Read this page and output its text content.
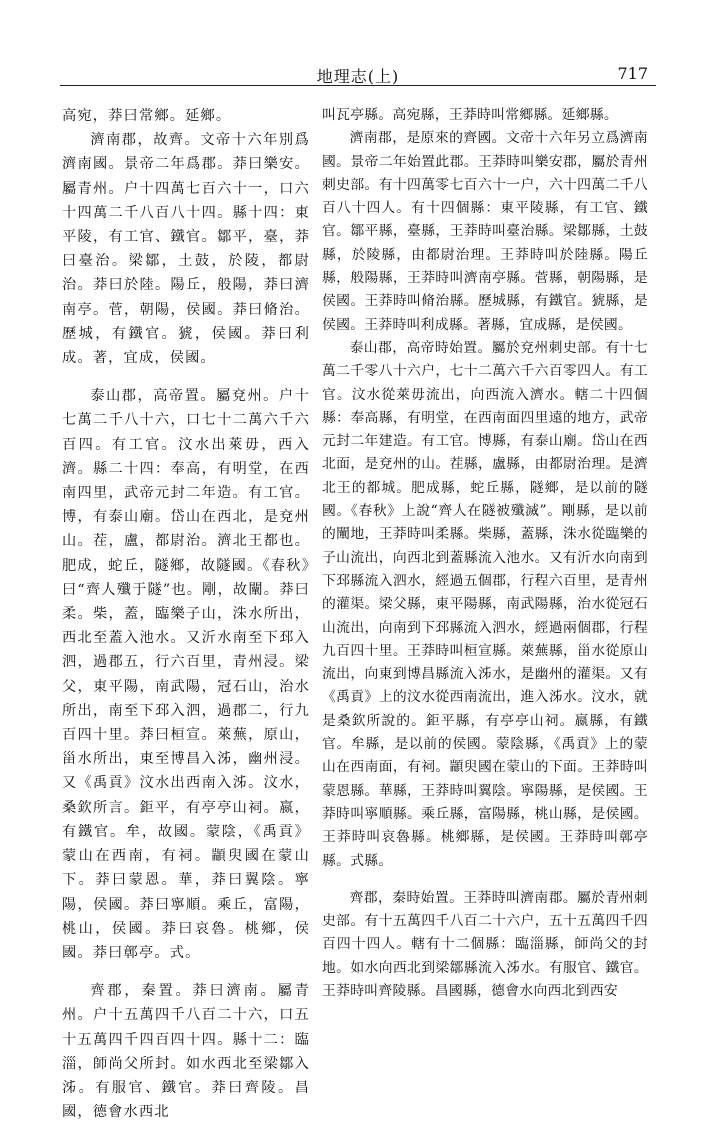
地理志(上)	717

高宛，莽曰常鄉。延鄉。

濟南郡，故齊。文帝十六年別爲濟南國。景帝二年爲郡。莽曰樂安。屬青州。户十四萬七百六十一，口六十四萬二千八百八十四。縣十四：東平陵，有工官、鐵官。鄒平，臺，莽曰臺治。梁鄒，土鼓，於陵，都尉治。莽曰於陸。陽丘，般陽，莽曰濟南亭。菅，朝陽，侯國。莽曰脩治。歷城，有鐵官。猇，侯國。莽曰利成。著，宜成，侯國。

泰山郡，高帝置。屬兗州。户十七萬二千八十六，口七十二萬六千六百四。有工官。汶水出萊毋，西入濟。縣二十四：奉高，有明堂，在西南四里，武帝元封二年造。有工官。博，有泰山廟。岱山在西北，是兗州山。茬，盧，都尉治。濟北王都也。肥成，蛇丘，隧鄉，故隧國。《春秋》曰“齊人殲于隧”也。剛，故闡。莽曰柔。柴，蓋，臨樂子山，洙水所出，西北至蓋入池水。又沂水南至下邳入泗，過郡五，行六百里，青州浸。梁父，東平陽，南武陽，冠石山，治水所出，南至下邳入泗，過郡二，行九百四十里。莽曰桓宣。萊蕪，原山，甾水所出，東至博昌入泲，幽州浸。又《禹貢》汶水出西南入泲。汶水，桑欽所言。鉅平，有亭亭山祠。嬴，有鐵官。牟，故國。蒙陰，《禹貢》蒙山在西南，有祠。顓臾國在蒙山下。莽曰蒙恩。華，莽曰翼陰。寧陽，侯國。莽曰寧順。乘丘，富陽，桃山，侯國。莽曰哀魯。桃鄉，侯國。莽曰鄣亭。式。

齊郡，秦置。莽曰濟南。屬青州。户十五萬四千八百二十六，口五十五萬四千四百四十四。縣十二：臨淄，師尚父所封。如水西北至梁鄒入泲。有服官、鐵官。莽曰齊陵。昌國，德會水西北

叫瓦亭縣。高宛縣，王莽時叫常鄉縣。延鄉縣。

濟南郡，是原來的齊國。文帝十六年另立爲濟南國。景帝二年始置此郡。王莽時叫樂安郡，屬於青州刺史部。有十四萬零七百六十一户，六十四萬二千八百八十四人。有十四個縣：東平陵縣，有工官、鐵官。鄒平縣，臺縣，王莽時叫臺治縣。梁鄒縣，土鼓縣，於陵縣，由都尉治理。王莽時叫於陸縣。陽丘縣，般陽縣，王莽時叫濟南亭縣。菅縣，朝陽縣，是侯國。王莽時叫脩治縣。歷城縣，有鐵官。猇縣，是侯國。王莽時叫利成縣。著縣，宜成縣，是侯國。

泰山郡，高帝時始置。屬於兗州刺史部。有十七萬二千零八十六户，七十二萬六千六百零四人。有工官。汶水從萊毋流出，向西流入濟水。轄二十四個縣：奉高縣，有明堂，在西南面四里遠的地方，武帝元封二年建造。有工官。博縣，有泰山廟。岱山在西北面，是兗州的山。茬縣，盧縣，由都尉治理。是濟北王的都城。肥成縣，蛇丘縣，隧鄉，是以前的隧國。《春秋》上說“齊人在隧被殲滅”。剛縣，是以前的闡地，王莽時叫柔縣。柴縣，蓋縣，洙水從臨樂的子山流出，向西北到蓋縣流入池水。又有沂水向南到下邳縣流入泗水，經過五個郡，行程六百里，是青州的灌渠。梁父縣，東平陽縣，南武陽縣，治水從冠石山流出，向南到下邳縣流入泗水，經過兩個郡，行程九百四十里。王莽時叫桓宣縣。萊蕪縣，甾水從原山流出，向東到博昌縣流入泲水，是幽州的灌渠。又有《禹貢》上的汶水從西南流出，進入泲水。汶水，就是桑欽所說的。鉅平縣，有亭亭山祠。嬴縣，有鐵官。牟縣，是以前的侯國。蒙陰縣，《禹貢》上的蒙山在西南面，有祠。顓臾國在蒙山的下面。王莽時叫蒙恩縣。華縣，王莽時叫翼陰。寧陽縣，是侯國。王莽時叫寧順縣。乘丘縣，富陽縣，桃山縣，是侯國。王莽時叫哀魯縣。桃鄉縣，是侯國。王莽時叫鄣亭縣。式縣。

齊郡，秦時始置。王莽時叫濟南郡。屬於青州刺史部。有十五萬四千八百二十六户，五十五萬四千四百四十四人。轄有十二個縣：臨淄縣，師尚父的封地。如水向西北到梁鄒縣流入泲水。有服官、鐵官。王莽時叫齊陵縣。昌國縣，德會水向西北到西安
